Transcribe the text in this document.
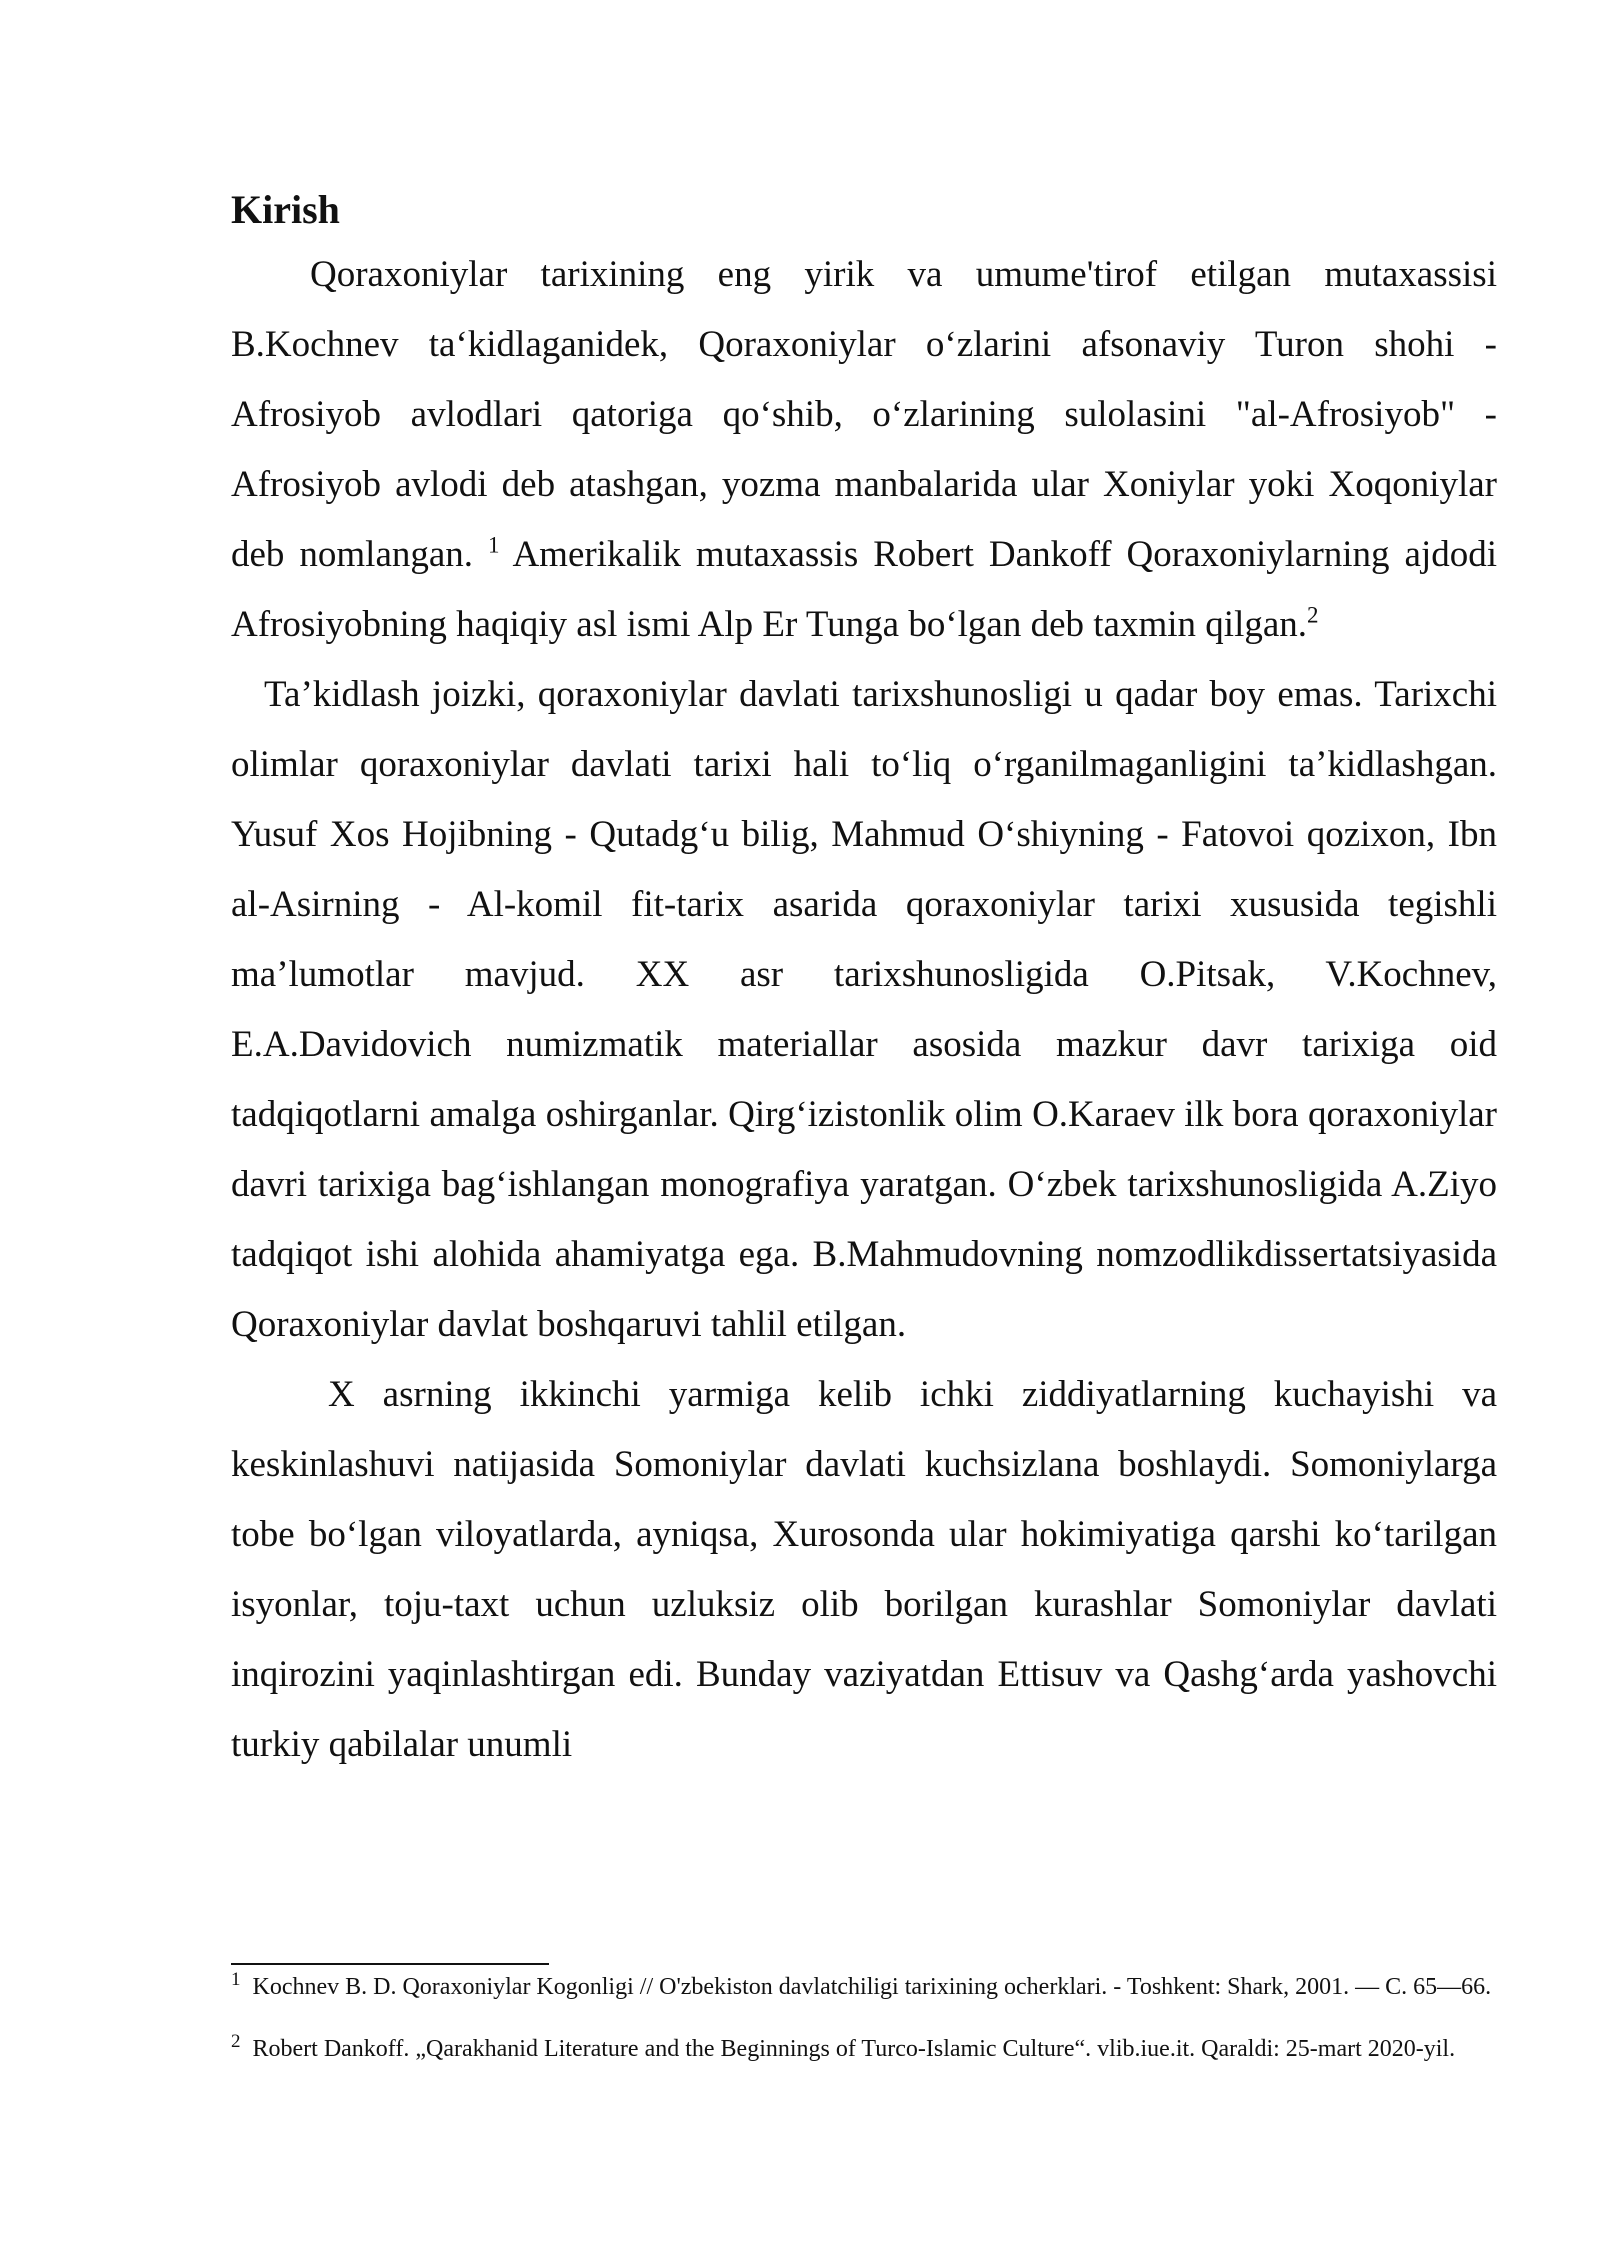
Kirish

Qoraxoniylar tarixining eng yirik va umume'tirof etilgan mutaxassisi B.Kochnev ta‘kidlaganidek, Qoraxoniylar o‘zlarini afsonaviy Turon shohi - Afrosiyob avlodlari qatoriga qo‘shib, o‘zlarining sulolasini "al-Afrosiyob" - Afrosiyob avlodi deb atashgan, yozma manbalarida ular Xoniylar yoki Xoqoniylar deb nomlangan. $^1$ Amerikalik mutaxassis Robert Dankoff Qoraxoniylarning ajdodi Afrosiyobning haqiqiy asl ismi Alp Er Tunga bo‘lgan deb taxmin qilgan.$^2$

Ta’kidlash joizki, qoraxoniylar davlati tarixshunosligi u qadar boy emas. Tarixchi olimlar qoraxoniylar davlati tarixi hali to‘liq o‘rganilmaganligini ta’kidlashgan. Yusuf Xos Hojibning - Qutadg‘u bilig, Mahmud O‘shiyning - Fatovoi qozixon, Ibn al-Asirning - Al-komil fit-tarix asarida qoraxoniylar tarixi xususida tegishli ma’lumotlar mavjud. XX asr tarixshunosligida O.Pitsak, V.Kochnev, E.A.Davidovich numizmatik materiallar asosida mazkur davr tarixiga oid tadqiqotlarni amalga oshirganlar. Qirg‘izistonlik olim O.Karaev ilk bora qoraxoniylar davri tarixiga bag‘ishlangan monografiya yaratgan. O‘zbek tarixshunosligida A.Ziyo tadqiqot ishi alohida ahamiyatga ega. B.Mahmudovning nomzodlikdissertatsiyasida Qoraxoniylar davlat boshqaruvi tahlil etilgan.

X asrning ikkinchi yarmiga kelib ichki ziddiyatlarning kuchayishi va keskinlashuvi natijasida Somoniylar davlati kuchsizlana boshlaydi. Somoniylarga tobe bo‘lgan viloyatlarda, ayniqsa, Xurosonda ular hokimiyatiga qarshi ko‘tarilgan isyonlar, toju-taxt uchun uzluksiz olib borilgan kurashlar Somoniylar davlati inqirozini yaqinlashtirgan edi. Bunday vaziyatdan Ettisuv va Qashg‘arda yashovchi turkiy qabilalar unumli

$^1$ Kochnev B. D. Qoraxoniylar Kogonligi // O'zbekiston davlatchiligi tarixining ocherklari. - Toshkent: Shark, 2001. — C. 65—66.

$^2$ Robert Dankoff. „Qarakhanid Literature and the Beginnings of Turco-Islamic Culture“. vlib.iue.it. Qaraldi: 25-mart 2020-yil.
